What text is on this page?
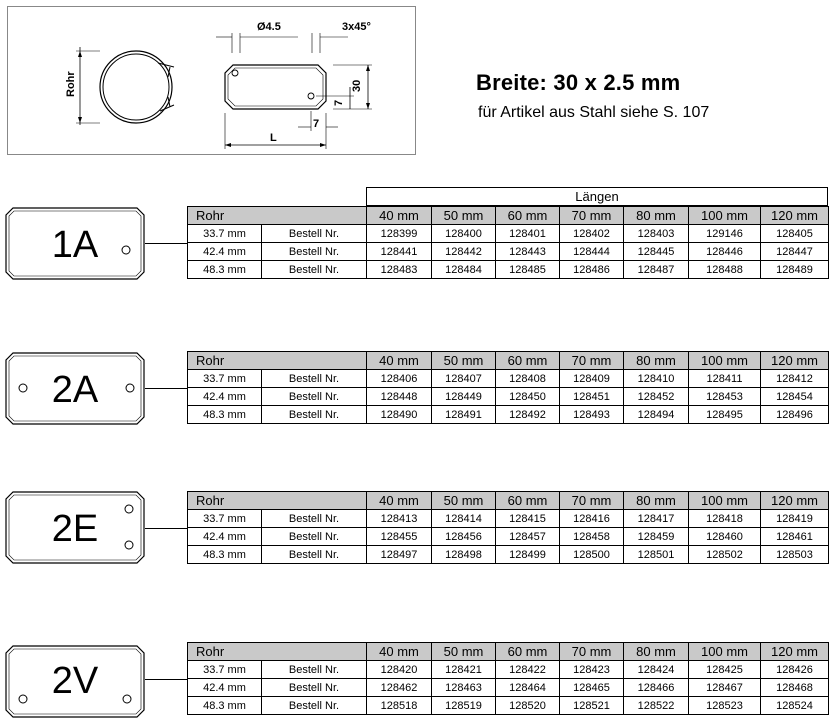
Rohr
Ø4.5	3x45°
30
7
L
7
Breite: 30 x 2.5 mm
für Artikel aus Stahl siehe S. 107
1A
Längen
Rohr		40 mm	50 mm	60 mm	70 mm	80 mm	100 mm	120 mm
33.7 mm	Bestell Nr.	128399	128400	128401	128402	128403	129146	128405
42.4 mm	Bestell Nr.	128441	128442	128443	128444	128445	128446	128447
48.3 mm	Bestell Nr.	128483	128484	128485	128486	128487	128488	128489
2A
Rohr		40 mm	50 mm	60 mm	70 mm	80 mm	100 mm	120 mm
33.7 mm	Bestell Nr.	128406	128407	128408	128409	128410	128411	128412
42.4 mm	Bestell Nr.	128448	128449	128450	128451	128452	128453	128454
48.3 mm	Bestell Nr.	128490	128491	128492	128493	128494	128495	128496
2E
Rohr		40 mm	50 mm	60 mm	70 mm	80 mm	100 mm	120 mm
33.7 mm	Bestell Nr.	128413	128414	128415	128416	128417	128418	128419
42.4 mm	Bestell Nr.	128455	128456	128457	128458	128459	128460	128461
48.3 mm	Bestell Nr.	128497	128498	128499	128500	128501	128502	128503
2V
Rohr		40 mm	50 mm	60 mm	70 mm	80 mm	100 mm	120 mm
33.7 mm	Bestell Nr.	128420	128421	128422	128423	128424	128425	128426
42.4 mm	Bestell Nr.	128462	128463	128464	128465	128466	128467	128468
48.3 mm	Bestell Nr.	128518	128519	128520	128521	128522	128523	128524
